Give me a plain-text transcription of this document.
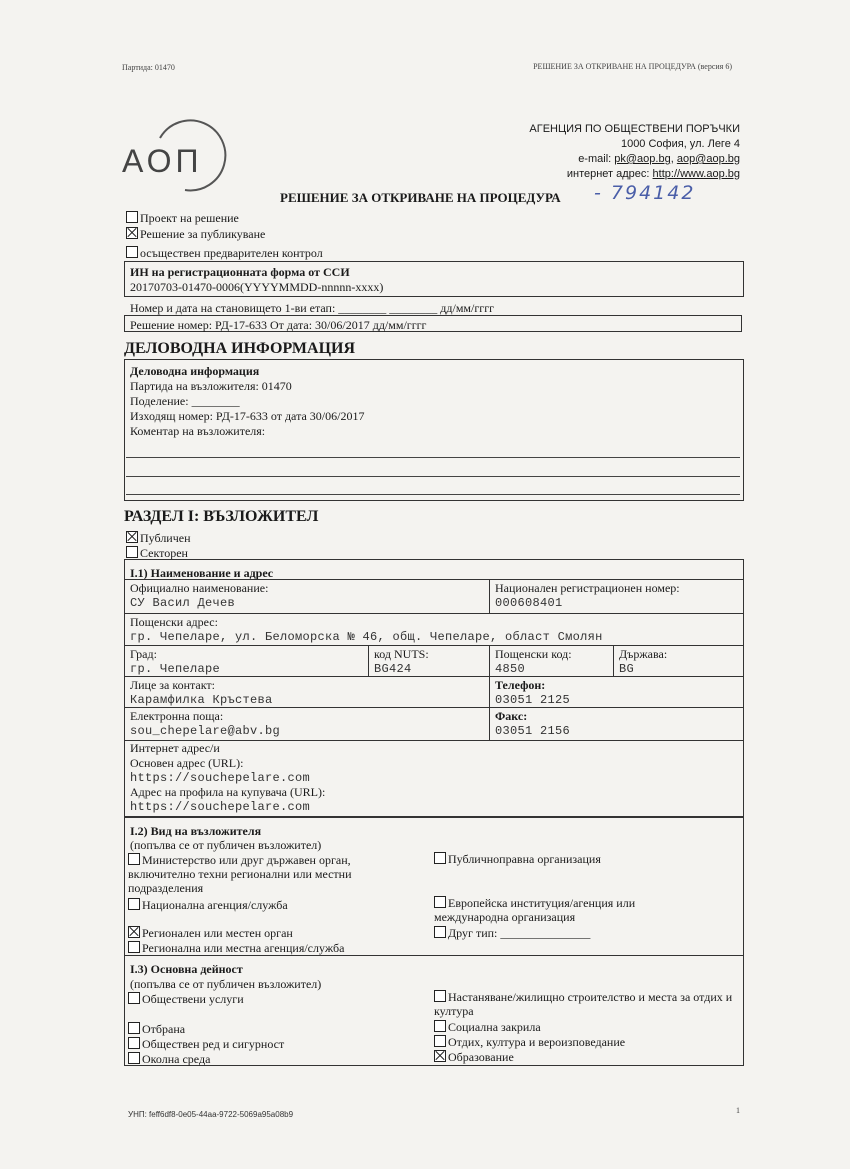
Партида: 01470	РЕШЕНИЕ ЗА ОТКРИВАНЕ НА ПРОЦЕДУРА (версия 6)
АОП
АГЕНЦИЯ ПО ОБЩЕСТВЕНИ ПОРЪЧКИ
1000 София, ул. Леге 4
e-mail: pk@aop.bg, aop@aop.bg
интернет адрес: http://www.aop.bg
РЕШЕНИЕ ЗА ОТКРИВАНЕ НА ПРОЦЕДУРА - 794142
Проект на решение
Решение за публикуване
осъществен предварителен контрол
ИН на регистрационната форма от ССИ
20170703-01470-0006(YYYYMMDD-nnnnn-xxxx)
Номер и дата на становището 1-ви етап: ________ ________ дд/мм/гггг
Решение номер: РД-17-633 От дата: 30/06/2017 дд/мм/гггг
ДЕЛОВОДНА ИНФОРМАЦИЯ
Деловодна информация
Партида на възложителя: 01470
Поделение: ________
Изходящ номер: РД-17-633 от дата 30/06/2017
Коментар на възложителя:
РАЗДЕЛ I: ВЪЗЛОЖИТЕЛ
Публичен
Секторен
I.1) Наименование и адрес
Официално наименование:
СУ Васил Дечев
Национален регистрационен номер:
000608401
Пощенски адрес:
гр. Чепеларе, ул. Беломорска № 46, общ. Чепеларе, област Смолян
Град:
гр. Чепеларе
код NUTS:
BG424
Пощенски код:
4850
Държава:
BG
Лице за контакт:
Карамфилка Кръстева
Телефон:
03051 2125
Електронна поща:
sou_chepelare@abv.bg
Факс:
03051 2156
Интернет адрес/и
Основен адрес (URL):
https://souchepelare.com
Адрес на профила на купувача (URL):
https://souchepelare.com
I.2) Вид на възложителя
(попълва се от публичен възложител)
Министерство или друг държавен орган, включително техни регионални или местни подразделения
Национална агенция/служба
Регионален или местен орган
Регионална или местна агенция/служба
Публичноправна организация
Европейска институция/агенция или международна организация
Друг тип: _______________
I.3) Основна дейност
(попълва се от публичен възложител)
Обществени услуги
Отбрана
Обществен ред и сигурност
Околна среда
Настаняване/жилищно строителство и места за отдих и култура
Социална закрила
Отдих, култура и вероизповедание
Образование
УНП: feff6df8-0e05-44aa-9722-5069a95a08b9	1
